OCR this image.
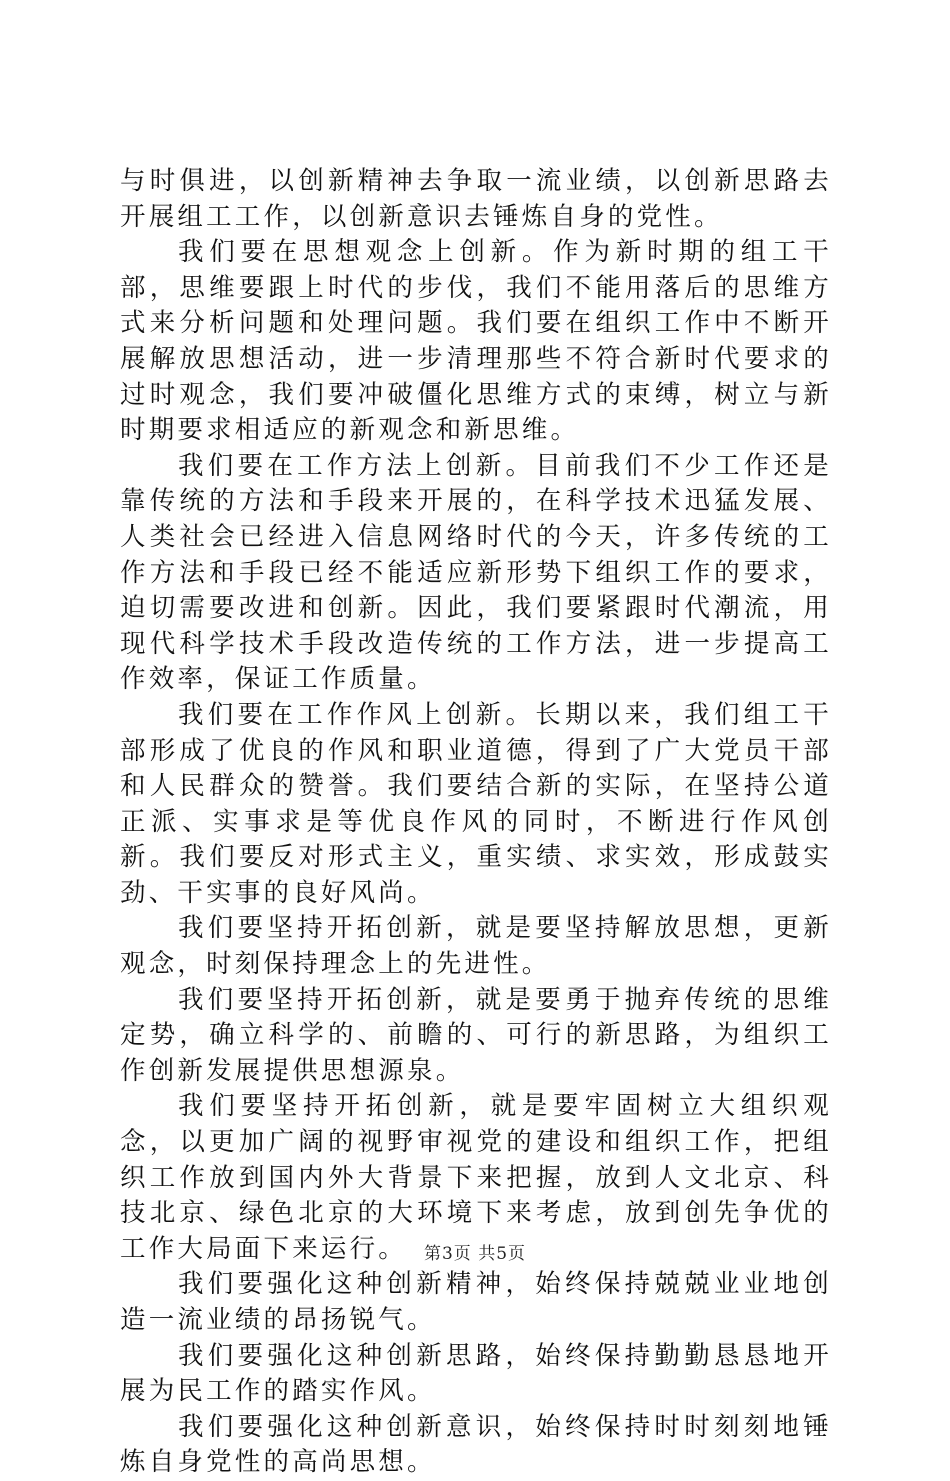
与时俱进，以创新精神去争取一流业绩，以创新思路去开展组工工作，以创新意识去锤炼自身的党性。

我们要在思想观念上创新。作为新时期的组工干部，思维要跟上时代的步伐，我们不能用落后的思维方式来分析问题和处理问题。我们要在组织工作中不断开展解放思想活动，进一步清理那些不符合新时代要求的过时观念，我们要冲破僵化思维方式的束缚，树立与新时期要求相适应的新观念和新思维。

我们要在工作方法上创新。目前我们不少工作还是靠传统的方法和手段来开展的，在科学技术迅猛发展、人类社会已经进入信息网络时代的今天，许多传统的工作方法和手段已经不能适应新形势下组织工作的要求，迫切需要改进和创新。因此，我们要紧跟时代潮流，用现代科学技术手段改造传统的工作方法，进一步提高工作效率，保证工作质量。

我们要在工作作风上创新。长期以来，我们组工干部形成了优良的作风和职业道德，得到了广大党员干部和人民群众的赞誉。我们要结合新的实际，在坚持公道正派、实事求是等优良作风的同时，不断进行作风创新。我们要反对形式主义，重实绩、求实效，形成鼓实劲、干实事的良好风尚。

我们要坚持开拓创新，就是要坚持解放思想，更新观念，时刻保持理念上的先进性。

我们要坚持开拓创新，就是要勇于抛弃传统的思维定势，确立科学的、前瞻的、可行的新思路，为组织工作创新发展提供思想源泉。

我们要坚持开拓创新，就是要牢固树立大组织观念，以更加广阔的视野审视党的建设和组织工作，把组织工作放到国内外大背景下来把握，放到人文北京、科技北京、绿色北京的大环境下来考虑，放到创先争优的工作大局面下来运行。

我们要强化这种创新精神，始终保持兢兢业业地创造一流业绩的昂扬锐气。

我们要强化这种创新思路，始终保持勤勤恳恳地开展为民工作的踏实作风。

我们要强化这种创新意识，始终保持时时刻刻地锤炼自身党性的高尚思想。

第3页 共5页
